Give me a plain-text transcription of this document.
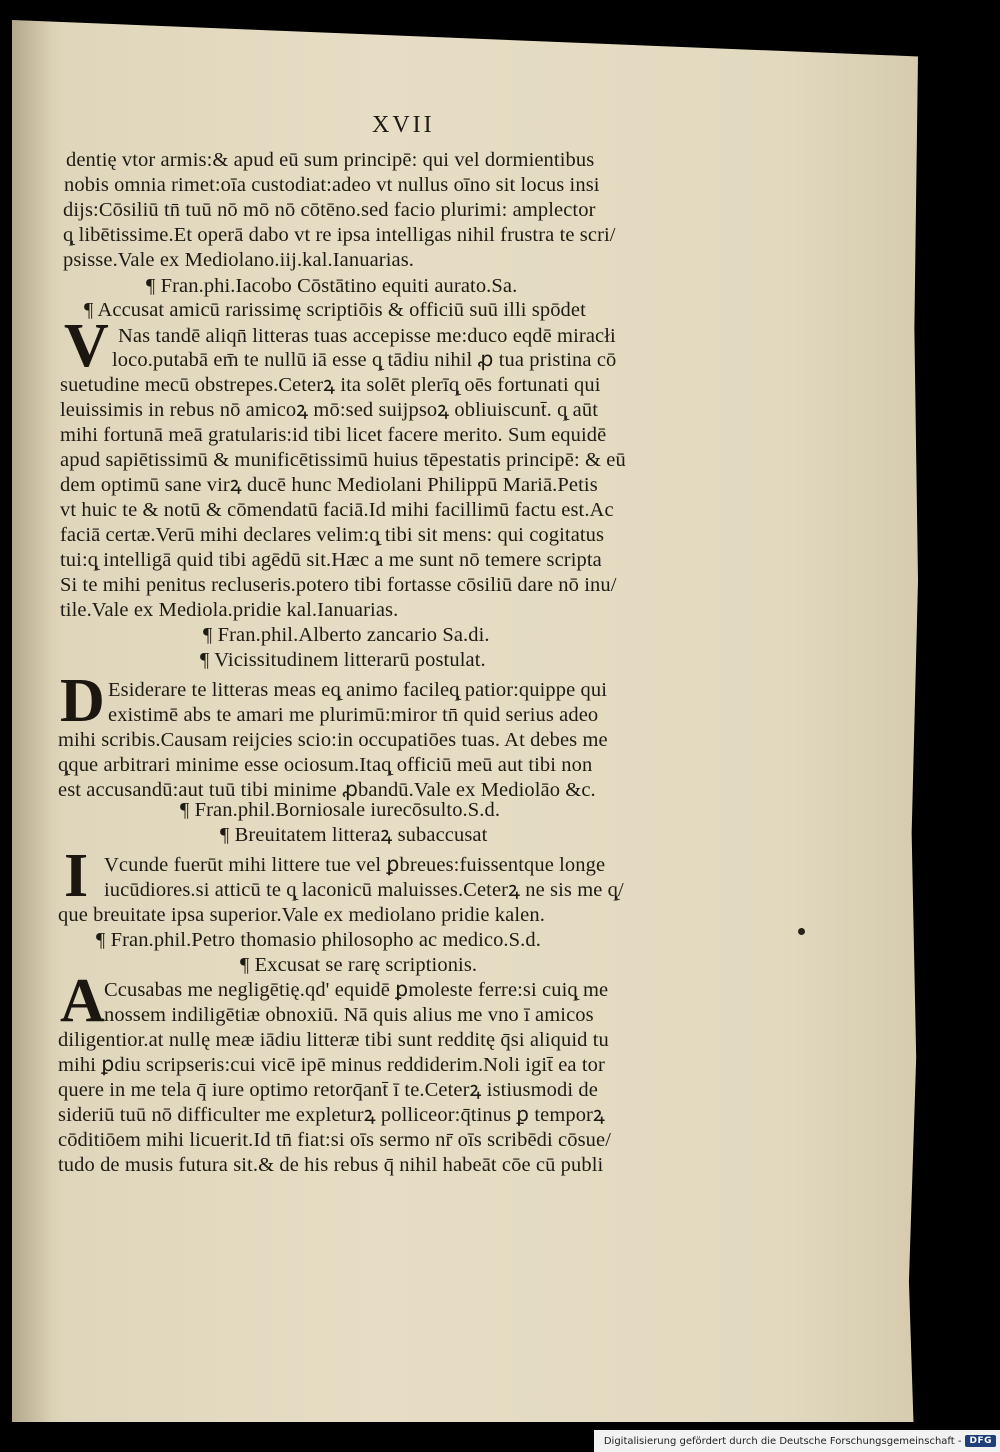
XVII
V
D
I
A
dentię vtor armis:& apud eū sum principē: qui vel dormientibus
nobis omnia rimet:oīa custodiat:adeo vt nullus oīno sit locus insi
dijs:Cōsiliū tn̄ tuū nō mō nō cōtēno.sed facio plurimi: amplector
q̨ libētissime.Et operā dabo vt re ipsa intelligas nihil frustra te scri/
psisse.Vale ex Mediolano.iij.kal.Ianuarias.
¶ Fran.phi.Iacobo Cōstātino equiti aurato.Sa.
¶ Accusat amicū rarissimę scriptiōis & officiū suū illi spōdet
Nas tandē aliqn̄ litteras tuas accepisse me:duco eqdē miracłi
loco.putabā em̄ te nullū iā esse q̨ tādiu nihil ꝓ tua pristina cō
suetudine mecū obstrepes.Ceterꝝ ita solēt plerīq̨ oēs fortunati qui
leuissimis in rebus nō amicoꝝ mō:sed suijpsoꝝ obliuiscunt̄. q̨ aūt
mihi fortunā meā gratularis:id tibi licet facere merito. Sum equidē
apud sapiētissimū & munificētissimū huius tēpestatis principē: & eū
dem optimū sane virꝝ ducē hunc Mediolani Philippū Mariā.Petis
vt huic te & notū & cōmendatū faciā.Id mihi facillimū factu est.Ac
faciā certæ.Verū mihi declares velim:q̨ tibi sit mens: qui cogitatus
tui:q̨ intelligā quid tibi agēdū sit.Hæc a me sunt nō temere scripta
Si te mihi penitus recluseris.potero tibi fortasse cōsiliū dare nō inu/
tile.Vale ex Mediola.pridie kal.Ianuarias.
¶ Fran.phil.Alberto zancario Sa.di.
¶ Vicissitudinem litterarū postulat.
Esiderare te litteras meas eq̨ animo facileq̨ patior:quippe qui
existimē abs te amari me plurimū:miror tn̄ quid serius adeo
mihi scribis.Causam reijcies scio:in occupatiōes tuas. At debes me
q̨que arbitrari minime esse ociosum.Itaq̨ officiū meū aut tibi non
est accusandū:aut tuū tibi minime ꝓbandū.Vale ex Mediolāo &c.
¶ Fran.phil.Borniosale iurecōsulto.S.d.
¶ Breuitatem litteraꝝ subaccusat
Vcunde fuerūt mihi littere tue vel ꝑbreues:fuissentque longe
iucūdiores.si atticū te q̨ laconicū maluisses.Ceterꝝ ne sis me q̨/
que breuitate ipsa superior.Vale ex mediolano pridie kalen.
¶ Fran.phil.Petro thomasio philosopho ac medico.S.d.
¶ Excusat se rarę scriptionis.
Ccusabas me negligētię.qd' equidē ꝑmoleste ferre:si cuiq̨ me
nossem indiligētiæ obnoxiū. Nā quis alius me vno ī amicos
diligentior.at nullę meæ iādiu litteræ tibi sunt redditę q̄si aliquid tu
mihi ꝑdiu scripseris:cui vicē ipē minus reddiderim.Noli igit̄ ea tor
quere in me tela q̄ iure optimo retorq̄ant̄ ī te.Ceterꝝ istiusmodi de
sideriū tuū nō difficulter me expleturꝝ polliceor:q̄tinus ꝑ temporꝝ
cōditiōem mihi licuerit.Id tn̄ fiat:si oīs sermo nr̄ oīs scribēdi cōsue/
tudo de musis futura sit.& de his rebus q̄ nihil habeāt cōe cū publi
Digitalisierung gefördert durch die Deutsche Forschungsgemeinschaft - DFG
